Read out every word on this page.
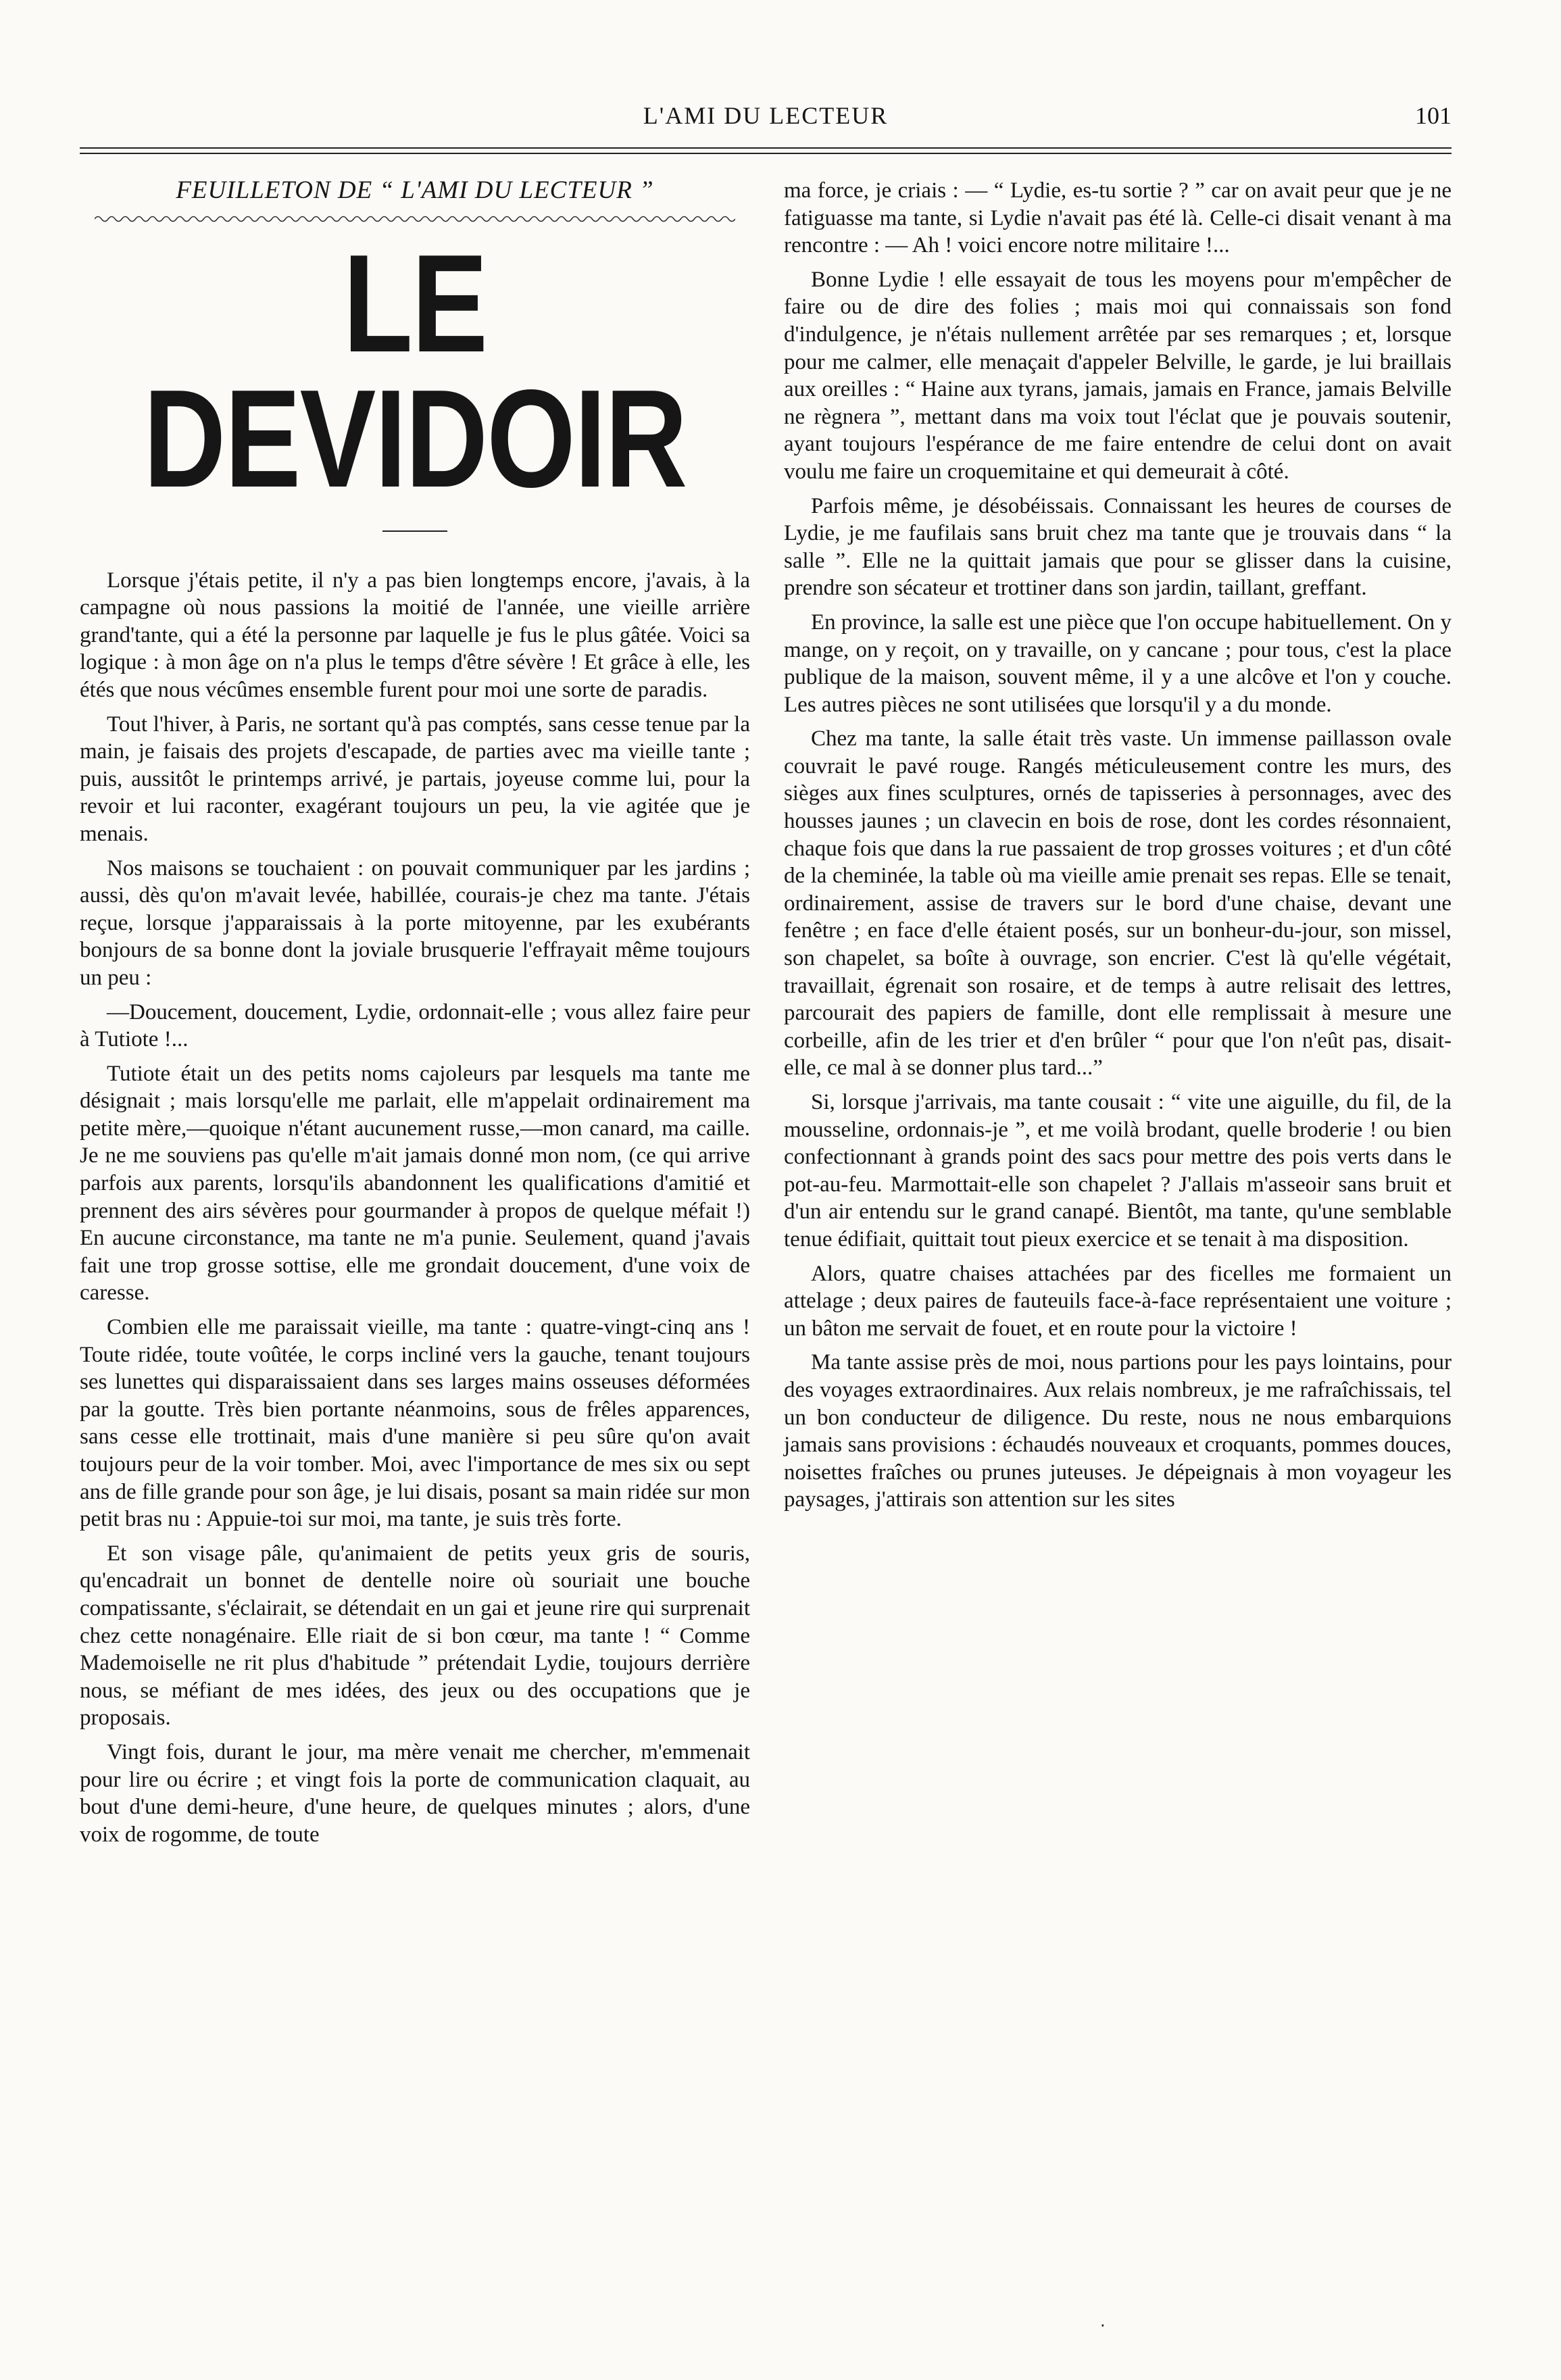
L'AMI DU LECTEUR	101
FEUILLETON DE “ L'AMI DU LECTEUR ”
LE DEVIDOIR

Lorsque j'étais petite, il n'y a pas bien longtemps encore, j'avais, à la campagne où nous passions la moitié de l'année, une vieille arrière grand'tante, qui a été la personne par laquelle je fus le plus gâtée. Voici sa logique : à mon âge on n'a plus le temps d'être sévère ! Et grâce à elle, les étés que nous vécûmes ensemble furent pour moi une sorte de paradis.

Tout l'hiver, à Paris, ne sortant qu'à pas comptés, sans cesse tenue par la main, je faisais des projets d'escapade, de parties avec ma vieille tante ; puis, aussitôt le printemps arrivé, je partais, joyeuse comme lui, pour la revoir et lui raconter, exagérant toujours un peu, la vie agitée que je menais.

Nos maisons se touchaient : on pouvait communiquer par les jardins ; aussi, dès qu'on m'avait levée, habillée, courais-je chez ma tante. J'étais reçue, lorsque j'apparaissais à la porte mitoyenne, par les exubérants bonjours de sa bonne dont la joviale brusquerie l'effrayait même toujours un peu :

—Doucement, doucement, Lydie, ordonnait-elle ; vous allez faire peur à Tutiote !...

Tutiote était un des petits noms cajoleurs par lesquels ma tante me désignait ; mais lorsqu'elle me parlait, elle m'appelait ordinairement ma petite mère,—quoique n'étant aucunement russe,—mon canard, ma caille. Je ne me souviens pas qu'elle m'ait jamais donné mon nom, (ce qui arrive parfois aux parents, lorsqu'ils abandonnent les qualifications d'amitié et prennent des airs sévères pour gourmander à propos de quelque méfait !) En aucune circonstance, ma tante ne m'a punie. Seulement, quand j'avais fait une trop grosse sottise, elle me grondait doucement, d'une voix de caresse.

Combien elle me paraissait vieille, ma tante : quatre-vingt-cinq ans ! Toute ridée, toute voûtée, le corps incliné vers la gauche, tenant toujours ses lunettes qui disparaissaient dans ses larges mains osseuses déformées par la goutte. Très bien portante néanmoins, sous de frêles apparences, sans cesse elle trottinait, mais d'une manière si peu sûre qu'on avait toujours peur de la voir tomber. Moi, avec l'importance de mes six ou sept ans de fille grande pour son âge, je lui disais, posant sa main ridée sur mon petit bras nu : Appuie-toi sur moi, ma tante, je suis très forte.

Et son visage pâle, qu'animaient de petits yeux gris de souris, qu'encadrait un bonnet de dentelle noire où souriait une bouche compatissante, s'éclairait, se détendait en un gai et jeune rire qui surprenait chez cette nonagénaire. Elle riait de si bon cœur, ma tante ! “ Comme Mademoiselle ne rit plus d'habitude ” prétendait Lydie, toujours derrière nous, se méfiant de mes idées, des jeux ou des occupations que je proposais.

Vingt fois, durant le jour, ma mère venait me chercher, m'emmenait pour lire ou écrire ; et vingt fois la porte de communication claquait, au bout d'une demi-heure, d'une heure, de quelques minutes ; alors, d'une voix de rogomme, de toute

ma force, je criais : — “ Lydie, es-tu sortie ? ” car on avait peur que je ne fatiguasse ma tante, si Lydie n'avait pas été là. Celle-ci disait venant à ma rencontre : — Ah ! voici encore notre militaire !...

Bonne Lydie ! elle essayait de tous les moyens pour m'empêcher de faire ou de dire des folies ; mais moi qui connaissais son fond d'indulgence, je n'étais nullement arrêtée par ses remarques ; et, lorsque pour me calmer, elle menaçait d'appeler Belville, le garde, je lui braillais aux oreilles : “ Haine aux tyrans, jamais, jamais en France, jamais Belville ne règnera ”, mettant dans ma voix tout l'éclat que je pouvais soutenir, ayant toujours l'espérance de me faire entendre de celui dont on avait voulu me faire un croquemitaine et qui demeurait à côté.

Parfois même, je désobéissais. Connaissant les heures de courses de Lydie, je me faufilais sans bruit chez ma tante que je trouvais dans “ la salle ”. Elle ne la quittait jamais que pour se glisser dans la cuisine, prendre son sécateur et trottiner dans son jardin, taillant, greffant.

En province, la salle est une pièce que l'on occupe habituellement. On y mange, on y reçoit, on y travaille, on y cancane ; pour tous, c'est la place publique de la maison, souvent même, il y a une alcôve et l'on y couche. Les autres pièces ne sont utilisées que lorsqu'il y a du monde.

Chez ma tante, la salle était très vaste. Un immense paillasson ovale couvrait le pavé rouge. Rangés méticuleusement contre les murs, des sièges aux fines sculptures, ornés de tapisseries à personnages, avec des housses jaunes ; un clavecin en bois de rose, dont les cordes résonnaient, chaque fois que dans la rue passaient de trop grosses voitures ; et d'un côté de la cheminée, la table où ma vieille amie prenait ses repas. Elle se tenait, ordinairement, assise de travers sur le bord d'une chaise, devant une fenêtre ; en face d'elle étaient posés, sur un bonheur-du-jour, son missel, son chapelet, sa boîte à ouvrage, son encrier. C'est là qu'elle végétait, travaillait, égrenait son rosaire, et de temps à autre relisait des lettres, parcourait des papiers de famille, dont elle remplissait à mesure une corbeille, afin de les trier et d'en brûler “ pour que l'on n'eût pas, disait-elle, ce mal à se donner plus tard...”

Si, lorsque j'arrivais, ma tante cousait : “ vite une aiguille, du fil, de la mousseline, ordonnais-je ”, et me voilà brodant, quelle broderie ! ou bien confectionnant à grands point des sacs pour mettre des pois verts dans le pot-au-feu. Marmottait-elle son chapelet ? J'allais m'asseoir sans bruit et d'un air entendu sur le grand canapé. Bientôt, ma tante, qu'une semblable tenue édifiait, quittait tout pieux exercice et se tenait à ma disposition.

Alors, quatre chaises attachées par des ficelles me formaient un attelage ; deux paires de fauteuils face-à-face représentaient une voiture ; un bâton me servait de fouet, et en route pour la victoire !

Ma tante assise près de moi, nous partions pour les pays lointains, pour des voyages extraordinaires. Aux relais nombreux, je me rafraîchissais, tel un bon conducteur de diligence. Du reste, nous ne nous embarquions jamais sans provisions : échaudés nouveaux et croquants, pommes douces, noisettes fraîches ou prunes juteuses. Je dépeignais à mon voyageur les paysages, j'attirais son attention sur les sites

‧
